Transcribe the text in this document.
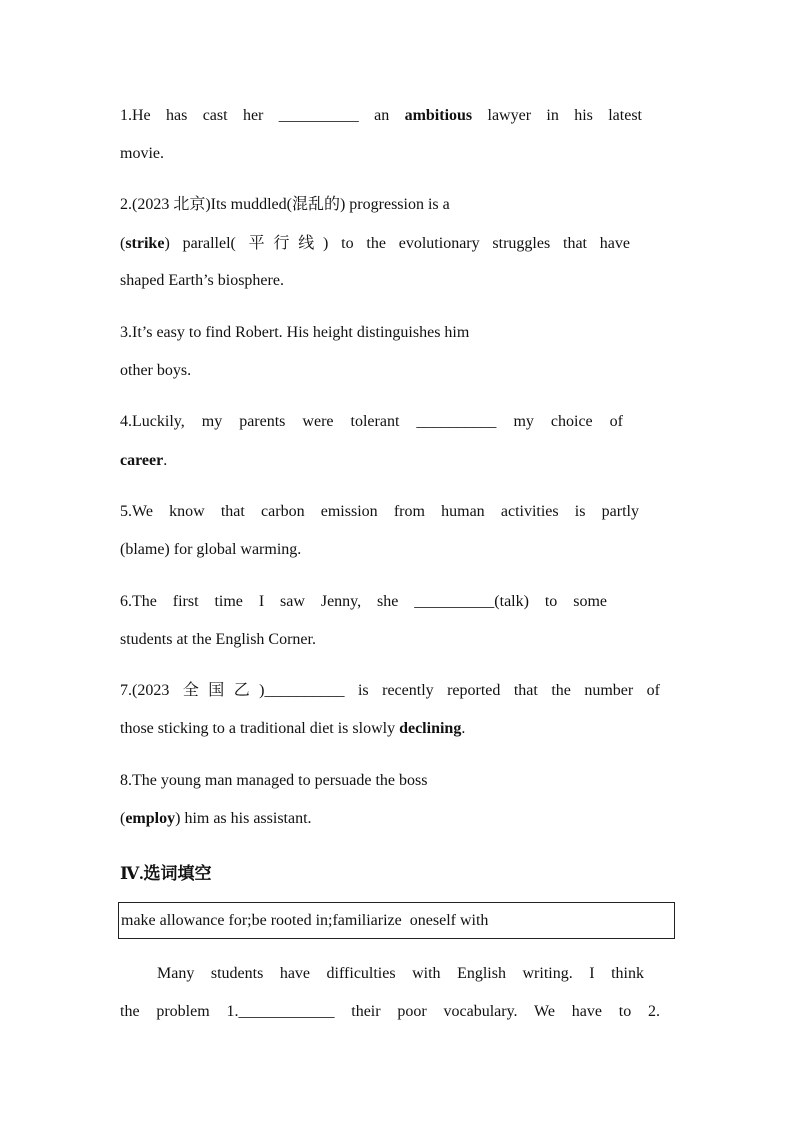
1.He has cast her __________ an ambitious lawyer in his latest
movie.
2.(2023 北京)Its muddled(混乱的) progression is a
(strike) parallel( 平行线) to the evolutionary struggles that have
shaped Earth’s biosphere.
3.It’s easy to find Robert. His height distinguishes him
other boys.
4.Luckily, my parents were tolerant __________ my choice of
career.
5.We know that carbon emission from human activities is partly
(blame) for global warming.
6.The first time I saw Jenny, she __________(talk) to some
students at the English Corner.
7.(2023 全国乙)__________ is recently reported that the number of
those sticking to a traditional diet is slowly declining.
8.The young man managed to persuade the boss
(employ) him as his assistant.
Ⅳ.选词填空
make allowance for;be rooted in;familiarize  oneself with
Many students have difficulties with English writing. I think
the problem 1.____________ their poor vocabulary. We have to 2.
